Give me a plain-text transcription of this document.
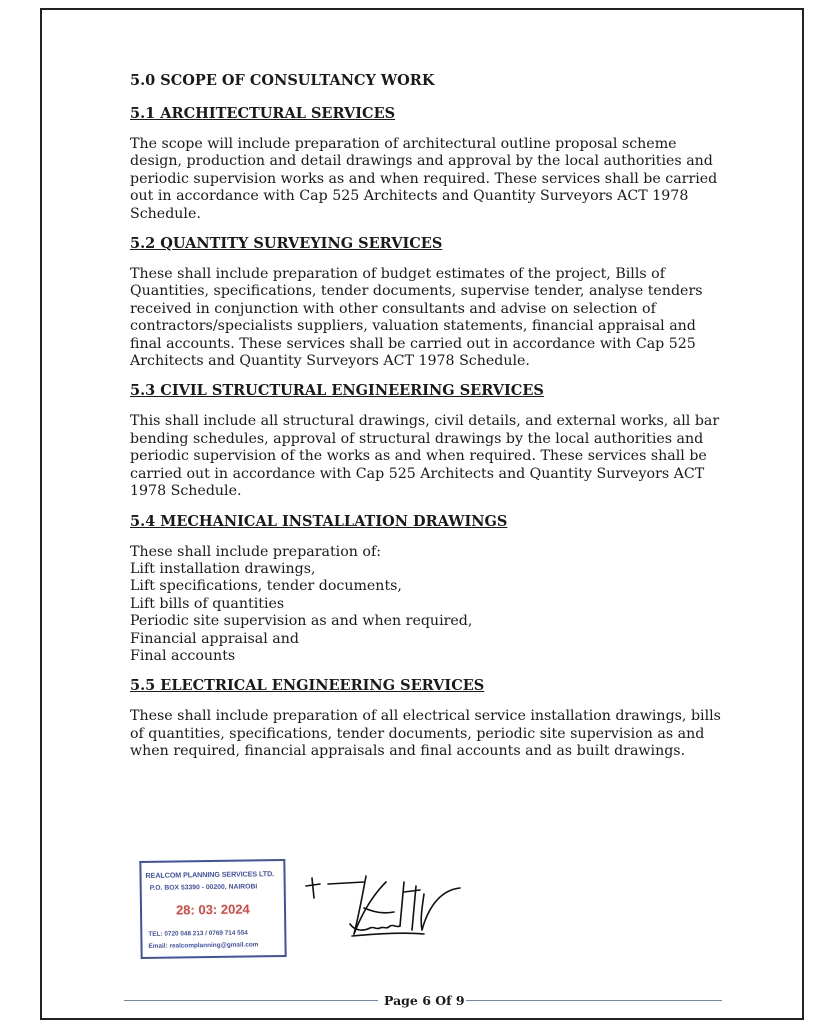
5.0 SCOPE OF CONSULTANCY WORK
5.1 ARCHITECTURAL SERVICES

The scope will include preparation of architectural outline proposal scheme design, production and detail drawings and approval by the local authorities and periodic supervision works as and when required. These services shall be carried out in accordance with Cap 525 Architects and Quantity Surveyors ACT 1978 Schedule.

5.2 QUANTITY SURVEYING SERVICES

These shall include preparation of budget estimates of the project, Bills of Quantities, specifications, tender documents, supervise tender, analyse tenders received in conjunction with other consultants and advise on selection of contractors/specialists suppliers, valuation statements, financial appraisal and final accounts. These services shall be carried out in accordance with Cap 525 Architects and Quantity Surveyors ACT 1978 Schedule.

5.3 CIVIL STRUCTURAL ENGINEERING SERVICES

This shall include all structural drawings, civil details, and external works, all bar bending schedules, approval of structural drawings by the local authorities and periodic supervision of the works as and when required. These services shall be carried out in accordance with Cap 525 Architects and Quantity Surveyors ACT 1978 Schedule.

5.4 MECHANICAL INSTALLATION DRAWINGS
These shall include preparation of:
Lift installation drawings,
Lift specifications, tender documents,
Lift bills of quantities
Periodic site supervision as and when required,
Financial appraisal and
Final accounts
5.5 ELECTRICAL ENGINEERING SERVICES

These shall include preparation of all electrical service installation drawings, bills of quantities, specifications, tender documents, periodic site supervision as and when required, financial appraisals and final accounts and as built drawings.

REALCOM PLANNING SERVICES LTD.
P.O. BOX 53390 - 00200, NAIROBI
28: 03: 2024
TEL: 0720 048 213 / 0769 714 554
Email: realcomplanning@gmail.com
Page 6 Of 9
